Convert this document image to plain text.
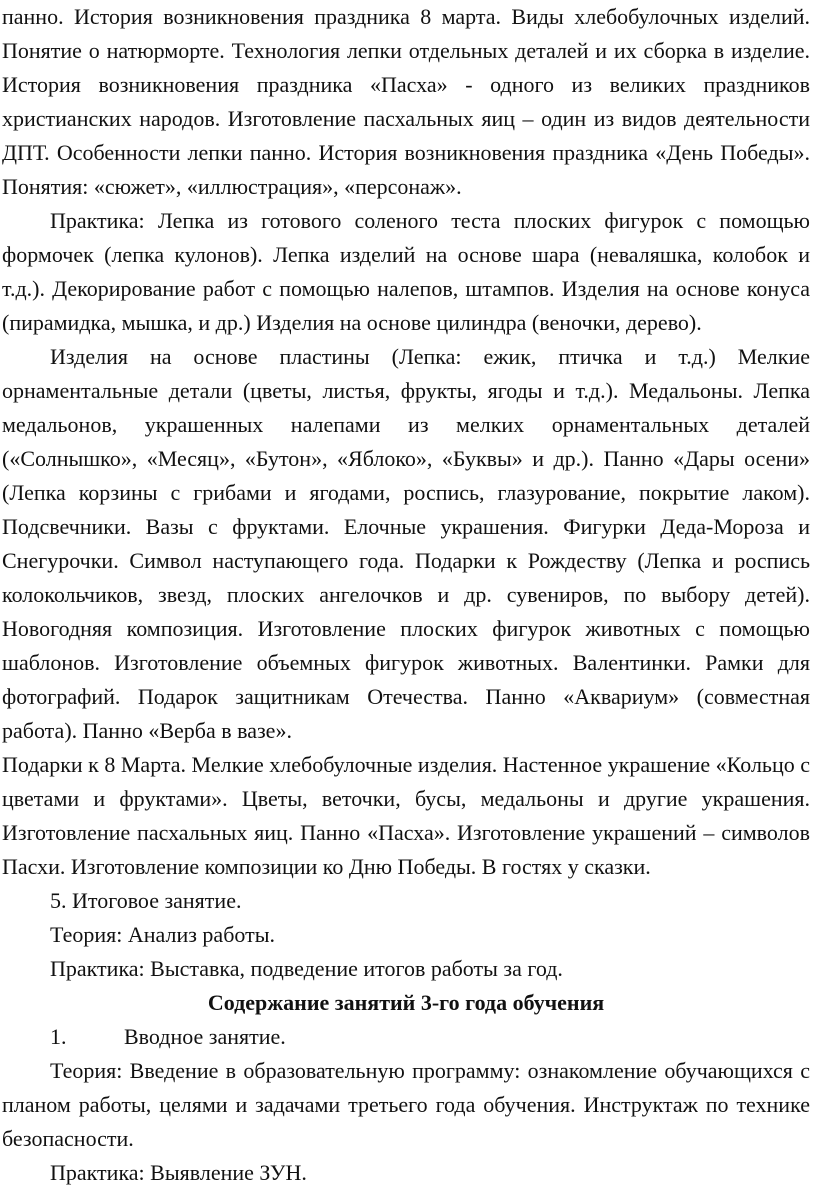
панно. История возникновения праздника 8 марта. Виды хлебобулочных изделий. Понятие о натюрморте. Технология лепки отдельных деталей и их сборка в изделие. История возникновения праздника «Пасха» - одного из великих праздников христианских народов. Изготовление пасхальных яиц – один из видов деятельности ДПТ. Особенности лепки панно. История возникновения праздника «День Победы». Понятия: «сюжет», «иллюстрация», «персонаж».

Практика: Лепка из готового соленого теста плоских фигурок с помощью формочек (лепка кулонов). Лепка изделий на основе шара (неваляшка, колобок и т.д.). Декорирование работ с помощью налепов, штампов. Изделия на основе конуса (пирамидка, мышка, и др.) Изделия на основе цилиндра (веночки, дерево).

Изделия на основе пластины (Лепка: ежик, птичка и т.д.) Мелкие орнаментальные детали (цветы, листья, фрукты, ягоды и т.д.). Медальоны. Лепка медальонов, украшенных налепами из мелких орнаментальных деталей («Солнышко», «Месяц», «Бутон», «Яблоко», «Буквы» и др.). Панно «Дары осени» (Лепка корзины с грибами и ягодами, роспись, глазурование, покрытие лаком). Подсвечники. Вазы с фруктами. Елочные украшения. Фигурки Деда-Мороза и Снегурочки. Символ наступающего года. Подарки к Рождеству (Лепка и роспись колокольчиков, звезд, плоских ангелочков и др. сувениров, по выбору детей). Новогодняя композиция. Изготовление плоских фигурок животных с помощью шаблонов. Изготовление объемных фигурок животных. Валентинки. Рамки для фотографий. Подарок защитникам Отечества. Панно «Аквариум» (совместная работа). Панно «Верба в вазе».

Подарки к 8 Марта. Мелкие хлебобулочные изделия. Настенное украшение «Кольцо с цветами и фруктами». Цветы, веточки, бусы, медальоны и другие украшения. Изготовление пасхальных яиц. Панно «Пасха». Изготовление украшений – символов Пасхи. Изготовление композиции ко Дню Победы. В гостях у сказки.

5. Итоговое занятие.

Теория: Анализ работы.

Практика: Выставка, подведение итогов работы за год.

Содержание занятий 3-го года обучения

1.	Вводное занятие.

Теория: Введение в образовательную программу: ознакомление обучающихся с планом работы, целями и задачами третьего года обучения. Инструктаж по технике безопасности.

Практика: Выявление ЗУН.
